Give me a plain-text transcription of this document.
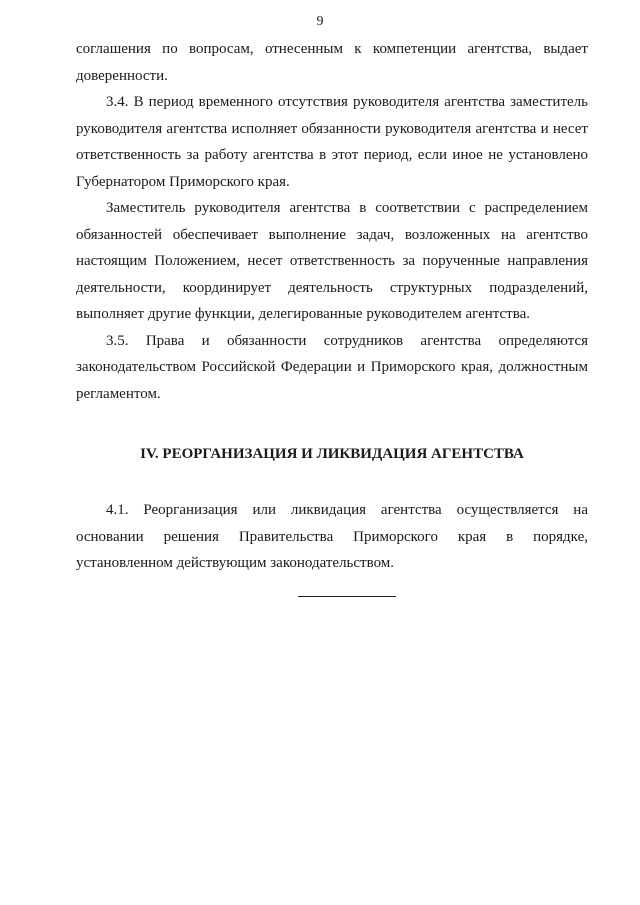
9

соглашения по вопросам, отнесенным к компетенции агентства, выдает доверенности.

3.4. В период временного отсутствия руководителя агентства заместитель руководителя агентства исполняет обязанности руководителя агентства и несет ответственность за работу агентства в этот период, если иное не установлено Губернатором Приморского края.

Заместитель руководителя агентства в соответствии с распределением обязанностей обеспечивает выполнение задач, возложенных на агентство настоящим Положением, несет ответственность за порученные направления деятельности, координирует деятельность структурных подразделений, выполняет другие функции, делегированные руководителем агентства.

3.5. Права и обязанности сотрудников агентства определяются законодательством Российской Федерации и Приморского края, должностным регламентом.

IV. РЕОРГАНИЗАЦИЯ И ЛИКВИДАЦИЯ АГЕНТСТВА

4.1. Реорганизация или ликвидация агентства осуществляется на основании решения Правительства Приморского края в порядке, установленном действующим законодательством.
